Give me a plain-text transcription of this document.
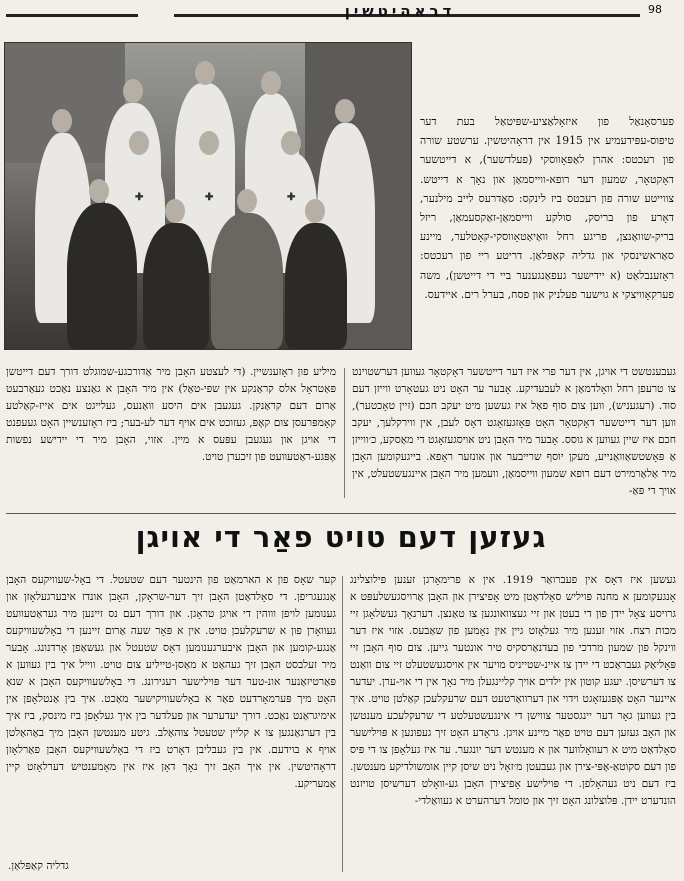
דראהיטשין	98
✚	✚	✚

פערסאָנאַל פון איזאָלאַציע-שפּיטאַל בעת דער טיפוס-עפּידעמיע אין 1915 אין דראָהיטשין. ערשטע שורה פון רעכטס: אהרן לאַפּאָווסקי (פעלדשער), א דייטשער דאָקטאָר, שמעון דער רופא-ווייסמאַן און נאָך א דייטש. צווייטע שורה פון רעכטס ביז לינקס: סאַדרעס לייב מילנער, דאָרע פון בריסק, סולקע ווייסמאַן-זאַקסעמאַן, ריזל בריק-שוואַנצן, פריגע רחל וואַיאַטאָווסקי-קאָטלער, מיינע סאַראשינסקי און גדליה קאַפּלאַן. דריטע ריי פון רעכטס: ראָזענבלאַט (א יידישער געפאַנגענער ביי די דייטשן), משה פערקאָוויצקי א גוישער פעלניק און פסח, בערל רים. איידעס.

געבענטשט די אויגן, אין דער פרי איז דער דייטשער דאָקטאָר געווען דערשטוינט צו טרעפן רחל וואָלדמאַן א לעבעדיקע. אָבער ער האָט ניט געטאָרט ווייזן דעם סוד. (רעגעניש), ווען צום סוף פאַל איז געשען מיט יעקב חכם (זיין טאָכטער), ווען דער דייטשער דאָקטאָר האָט פּאָזגעזאָגט דאָס לעבן, אין ווירקלעך, יעקב חכם איז שיין געווען א גוסס. אָבער מיר האָבן ניט אויסגעזאָגט די מאַסקע, כ׳ווייזן אַ פּאָשטשאַוואַנייע, מעקן יוסף שרייבער און אונזער ראָפא. בייגעקומען האָבן מיר אַלאַרמירט דעם רופא שמעון ווייסמאַן, וועמען מיר האָבן איינגעשטעלט, אין אויך די פּאַ-

מיליע פון ראָזענשיין. (די לעצטע האָבן מיר אַדורכגע-שמוגלט דורך דעם דייטשן פּאַטראָל אלס קראַנקע אין שפּי-טאַל) אין מיר האָבן א גאַנצע נאַכט געאַרבעט אַרום דעם קראַנקן. געגעבן אים היסע וואַנעס, געלייגט אים אייז-קאַלטע קאָמפּרעסן צום קאָפּ, געזוכט אים אויף דער לע-בער; ביז ראָזענשיין האָט געעפנט די אויגן און געגעבן עפּעס א מיין. אזוי, האָבן מיר די יידישע נפשות אָפּגע-ראַטעוועט פון זיכערן טויט.

געזען דעם טויט פאַר די אויגן

געשען איז דאָס אין פעברואַר 1919. אין א פרימאָרגן זענען פּילוצלינג אָנגעקומען א מחנה פּויליש סאָלדאַטן מיט אָפיצירן און האָבן אַרויסגעשלעפּט א גרויסע צאָל יידן פון די בעטן און זיי געצוואונגען צו טאַנצן. דערנאָך געשלאָגן זיי מכות רצח. אזוי זענען מיר געלאָזט גיין אין נאָמען פון שאַבעס. אזוי איז דער ווינקל פון שמעון מרדכי פון בעדנאַרסקיס טיר אונטער גייען. צום סוף האָבן זיי פּאָליאַק געבראַכט די יידן צו איינ-שטייניס מויער אין אויסגעשטעלט זיי צום וואַנט צו דערשיסן. יעגע קוטון אין ילדים אויך קליינגעלן מיר נאָך אין די אוי-ערן. יעדער איינער האָט אָפּגעזאָגט וידוי און דערוואַרטעט דעם שרעקלעכן קאַלטן טויט. איך בין געווען גאָר דער יינגסטער צווישן די אינגעשטעלטע די שרעקלעכע מענטשן און האָב געזען דעם טויט פאַר מיינע אויגן. גראָדע האָט זיך געפונען א פּוילישער סאָלדאַט מיט א רעוואָלווער און א מענטש דער יונגער. ער איז געלאָפן צו די פּיס פון דעם סקוטאַ-אָפּי-צירן און געבעטן מ׳זאָל ניט שיסן קיין אומשולדיקע מענטשן. ביז דעם ניט געהאָלפן. די פּוילישע אָפיצירן האָבן גע-וואָלט דערשיסן טויזנט הונדערט יידן. פּלוצלונג האָט זיך און טומל דערהערט א געוואַלדי-

קער שאָס פון א הארמאַט פון הינטער דעם שטעטל. די באָל-שעוויקעס האָבן אַנגעגריפן. די סאָלדאַטן האָבן זיך דער-שראָקן, האָבן אונדז איבערגעלאָזן און גענומען לויפן וווהין די אויגן טראָגן. און דורך דעם נס זיינען מיר געראַטעוועט געוואָרן פון א שרעקלעכן טויט. אין א פּאָר שעה אַרום זיינען די באָלשעוויקעס אַנגע-קומען און האָבן איבערגענומען דאָס שטעטל און געשאַפן אָרדנונג. אָבער מיר זעלבסט האָבן זיך געהאַט א מאַסן-טייליע צום טויט. ווייל איך בין געווען א פּאַרטיזאַנער אונ-טער דער פּוילישער רעגירונג. די באָלשעוויקעס האָבן א שנאַ האָט מיך פּערמאָרדעט פאַר א באָלשעוויקישער מאַכט. איך בין אַנטלאָפן אין אימיגראַנט נאַכט. דורך יעדערער און פעלדער בין איך געלאָפן ביז מינסק, ביז איך בין דערגאַנגען צו א קליין שטעטל צוהאַלב. גיטע מענטשן האָבן מיך באַהאַלטן אויף א בוידעם. אין בין געבליבן דאָרט ביז די באָלשעוויקעס האָבן פאַרלאָזן דראָהיטשין. אין איך האָב זיך נאָך דאָן איז אין מאָמענטיש דערלאָזט קיין אַמעריקע.

גדליה קאַפּלאַן.
